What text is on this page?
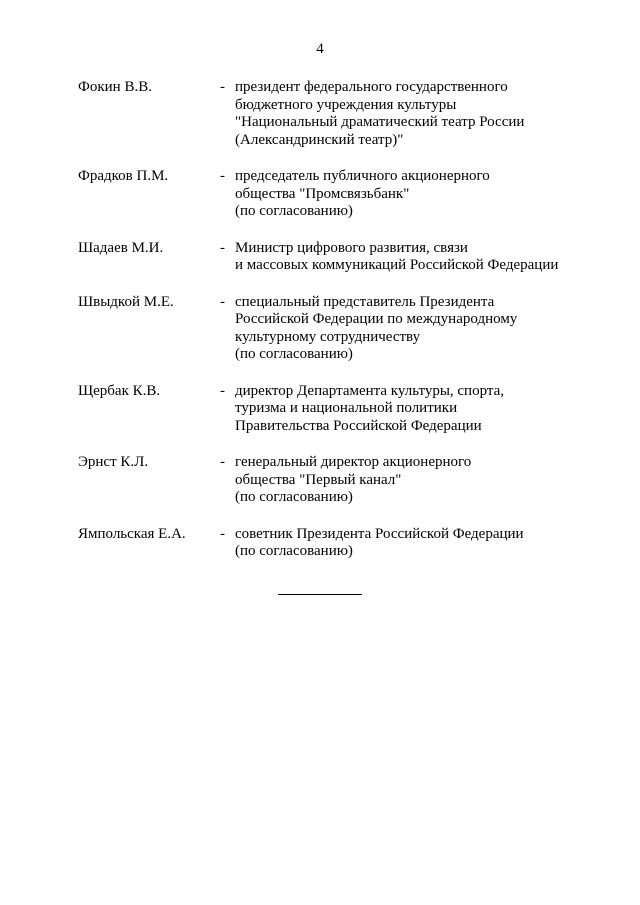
4
Фокин В.В.	- президент федерального государственного
бюджетного учреждения культуры
"Национальный драматический театр России
(Александринский театр)"
Фрадков П.М.	- председатель публичного акционерного
общества "Промсвязьбанк"
(по согласованию)
Шадаев М.И.	- Министр цифрового развития, связи
и массовых коммуникаций Российской Федерации
Швыдкой М.Е.	- специальный представитель Президента
Российской Федерации по международному
культурному сотрудничеству
(по согласованию)
Щербак К.В.	- директор Департамента культуры, спорта,
туризма и национальной политики
Правительства Российской Федерации
Эрнст К.Л.	- генеральный директор акционерного
общества "Первый канал"
(по согласованию)
Ямпольская Е.А. - советник Президента Российской Федерации
(по согласованию)
